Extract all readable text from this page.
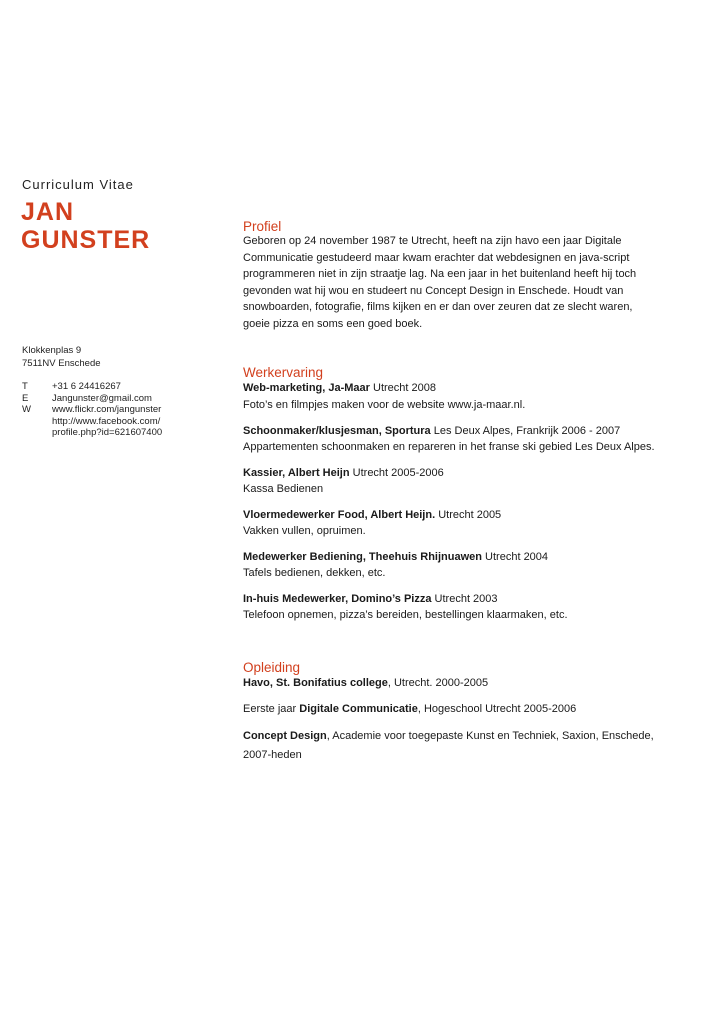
Curriculum Vitae
JAN
GUNSTER
Klokkenplas 9
7511NV Enschede
T	+31 6 24416267
E	Jangunster@gmail.com
W	www.flickr.com/jangunster
http://www.facebook.com/
profile.php?id=621607400
Profiel
Geboren op 24 november 1987 te Utrecht, heeft na zijn havo een jaar Digitale
Communicatie gestudeerd maar kwam erachter dat webdesignen en java-script
programmeren niet in zijn straatje lag. Na een jaar in het buitenland heeft hij toch
gevonden wat hij wou en studeert nu Concept Design in Enschede. Houdt van
snowboarden, fotografie, films kijken en er dan over zeuren dat ze slecht waren,
goeie pizza en soms een goed boek.
Werkervaring
Web-marketing, Ja-Maar Utrecht 2008
Foto’s en filmpjes maken voor de website www.ja-maar.nl.
Schoonmaker/klusjesman, Sportura Les Deux Alpes, Frankrijk 2006 - 2007
Appartementen schoonmaken en repareren in het franse ski gebied Les Deux Alpes.
Kassier, Albert Heijn Utrecht 2005-2006
Kassa Bedienen
Vloermedewerker Food, Albert Heijn. Utrecht 2005
Vakken vullen, opruimen.
Medewerker Bediening, Theehuis Rhijnuawen Utrecht 2004
Tafels bedienen, dekken, etc.
In-huis Medewerker, Domino’s Pizza Utrecht 2003
Telefoon opnemen, pizza’s bereiden, bestellingen klaarmaken, etc.
Opleiding
Havo, St. Bonifatius college, Utrecht. 2000-2005
Eerste jaar Digitale Communicatie, Hogeschool Utrecht 2005-2006
Concept Design, Academie voor toegepaste Kunst en Techniek, Saxion, Enschede,
2007-heden
